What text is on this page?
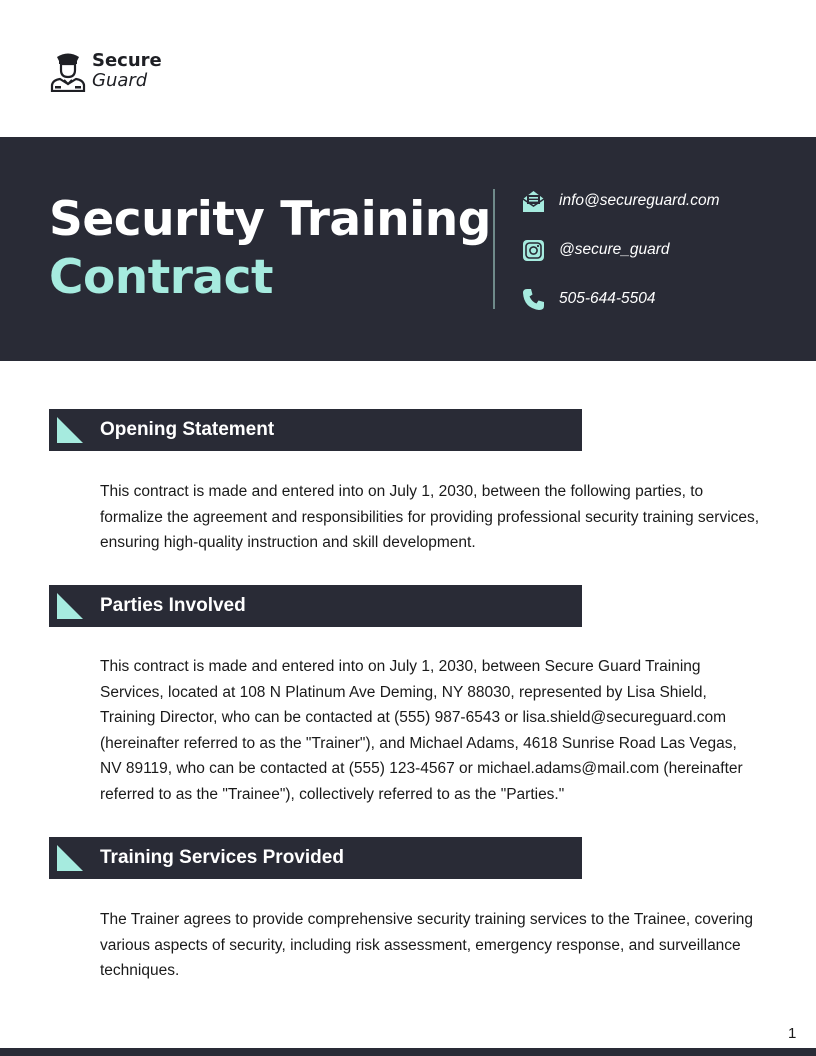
Secure
Guard
Security Training
Contract
info@secureguard.com
@secure_guard
505-644-5504
Opening Statement

This contract is made and entered into on July 1, 2030, between the following parties, to formalize the agreement and responsibilities for providing professional security training services, ensuring high-quality instruction and skill development.

Parties Involved

This contract is made and entered into on July 1, 2030, between Secure Guard Training Services, located at 108 N Platinum Ave Deming, NY 88030, represented by Lisa Shield, Training Director, who can be contacted at (555) 987-6543 or lisa.shield@secureguard.com (hereinafter referred to as the "Trainer"), and Michael Adams, 4618 Sunrise Road Las Vegas, NV 89119, who can be contacted at (555) 123-4567 or michael.adams@mail.com (hereinafter referred to as the "Trainee"), collectively referred to as the "Parties."

Training Services Provided

The Trainer agrees to provide comprehensive security training services to the Trainee, covering various aspects of security, including risk assessment, emergency response, and surveillance techniques.

1
